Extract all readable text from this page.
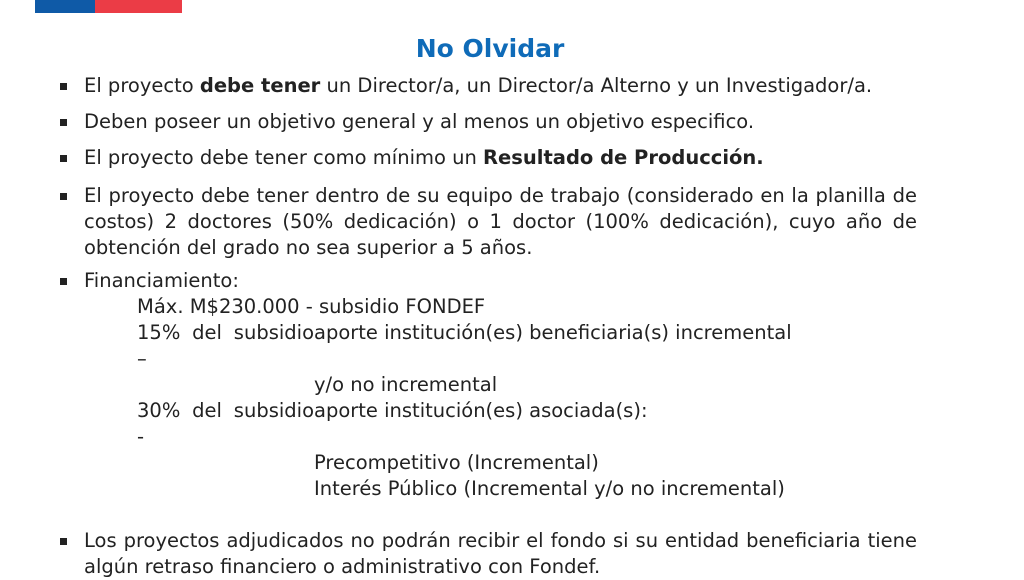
No Olvidar
El proyecto debe tener un Director/a, un Director/a Alterno y un Investigador/a.
Deben poseer un objetivo general y al menos un objetivo especifico.
El proyecto debe tener como mínimo un Resultado de Producción.
El proyecto debe tener dentro de su equipo de trabajo (considerado en la planilla de costos) 2 doctores (50% dedicación) o 1 doctor (100% dedicación), cuyo año de obtención del grado no sea superior a 5 años.
Financiamiento:
Máx. M$230.000 - subsidio FONDEF
15% del subsidio –
aporte institución(es) beneficiaria(s) incremental
y/o no incremental
30% del subsidio -
aporte institución(es) asociada(s):
Precompetitivo (Incremental)
Interés Público (Incremental y/o no incremental)
Los proyectos adjudicados no podrán recibir el fondo si su entidad beneficiaria tiene algún retraso financiero o administrativo con Fondef.
